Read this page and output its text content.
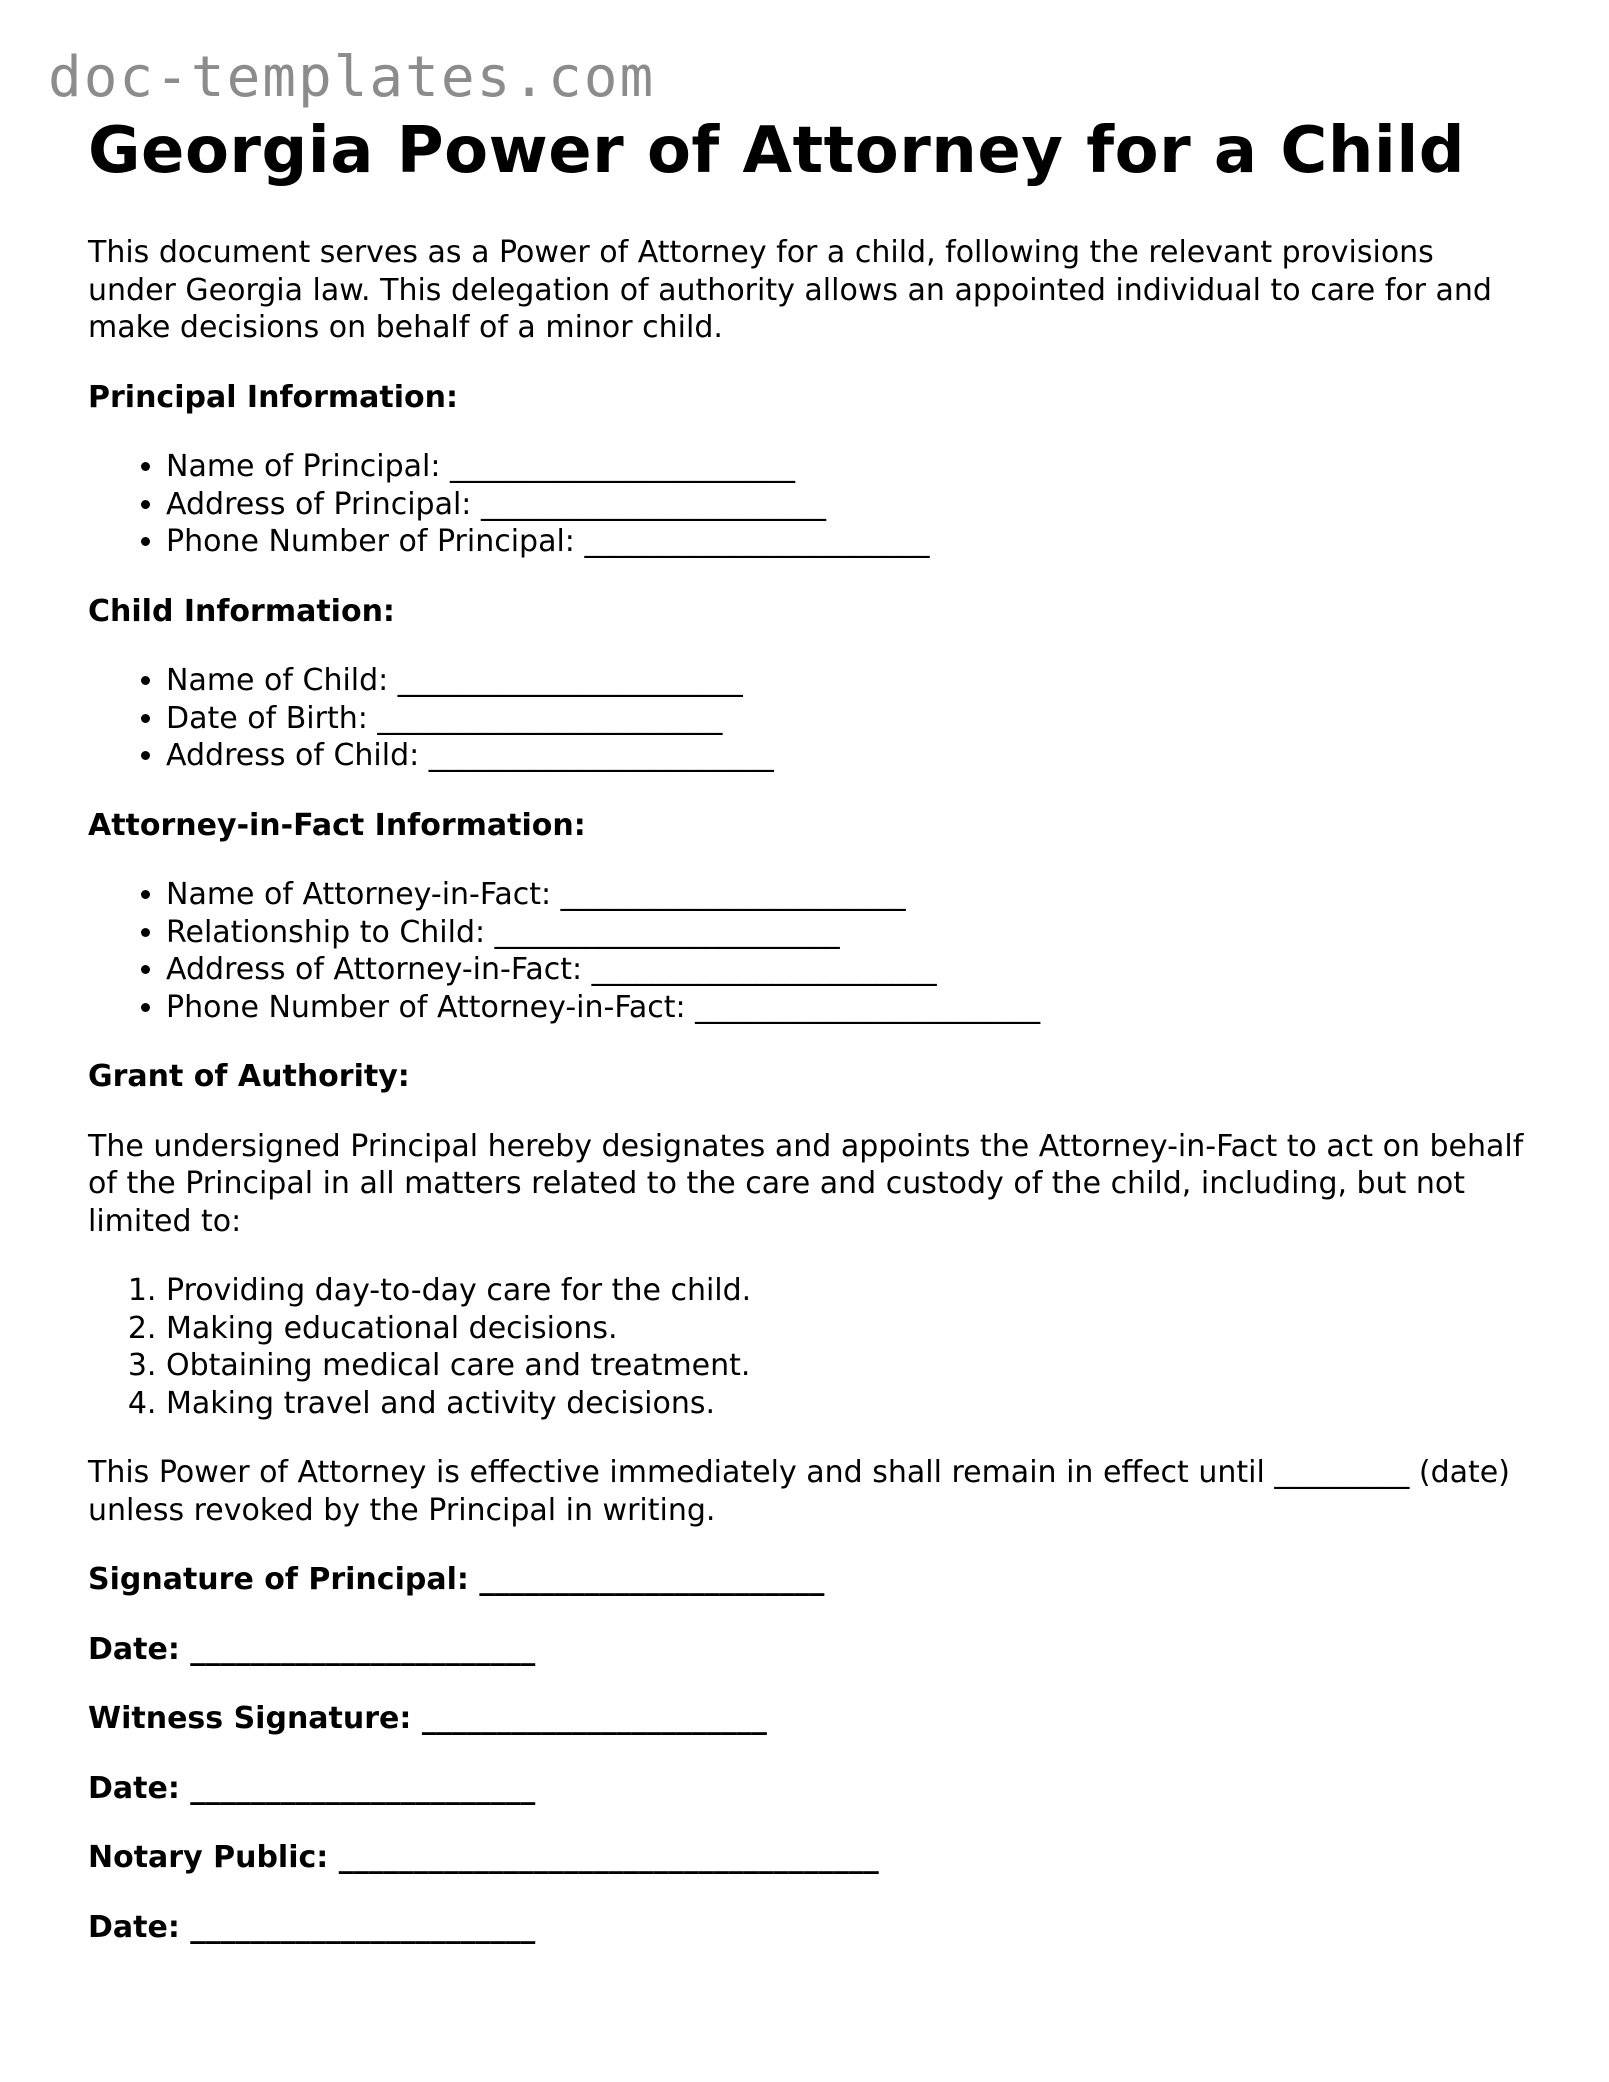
doc-templates.com
Georgia Power of Attorney for a Child

This document serves as a Power of Attorney for a child, following the relevant provisions under Georgia law. This delegation of authority allows an appointed individual to care for and make decisions on behalf of a minor child.

Principal Information:
• Name of Principal: _______________________
• Address of Principal: _______________________
• Phone Number of Principal: _______________________
Child Information:
• Name of Child: _______________________
• Date of Birth: _______________________
• Address of Child: _______________________
Attorney-in-Fact Information:
• Name of Attorney-in-Fact: _______________________
• Relationship to Child: _______________________
• Address of Attorney-in-Fact: _______________________
• Phone Number of Attorney-in-Fact: _______________________
Grant of Authority:

The undersigned Principal hereby designates and appoints the Attorney-in-Fact to act on behalf of the Principal in all matters related to the care and custody of the child, including, but not limited to:

1. Providing day-to-day care for the child.
2. Making educational decisions.
3. Obtaining medical care and treatment.
4. Making travel and activity decisions.

This Power of Attorney is effective immediately and shall remain in effect until _________ (date) unless revoked by the Principal in writing.

Signature of Principal: _______________________
Date: _______________________
Witness Signature: _______________________
Date: _______________________
Notary Public: ____________________________________
Date: _______________________
